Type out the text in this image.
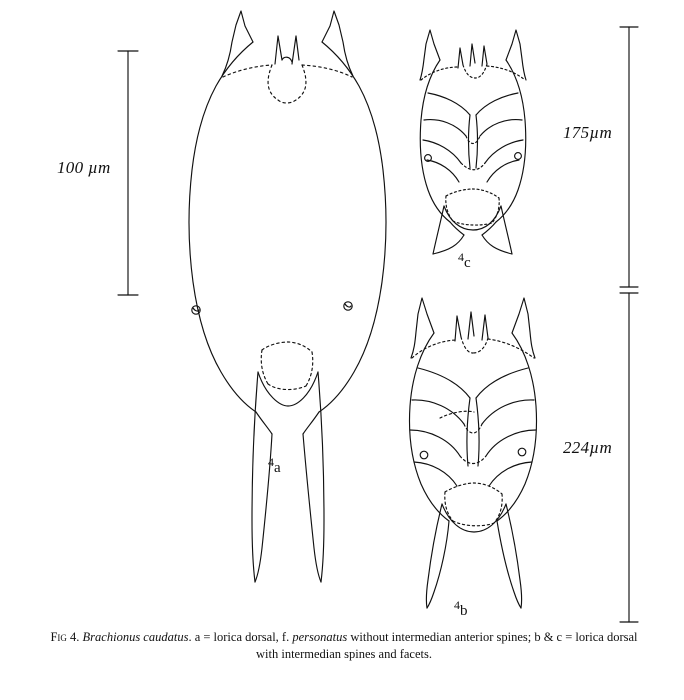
100 µm
175µm
224µm
$^4$a
$^4$c
$^4$b
Fig 4. Brachionus caudatus. a = lorica dorsal, f. personatus without intermedian anterior spines; b & c = lorica dorsal
with intermedian spines and facets.
